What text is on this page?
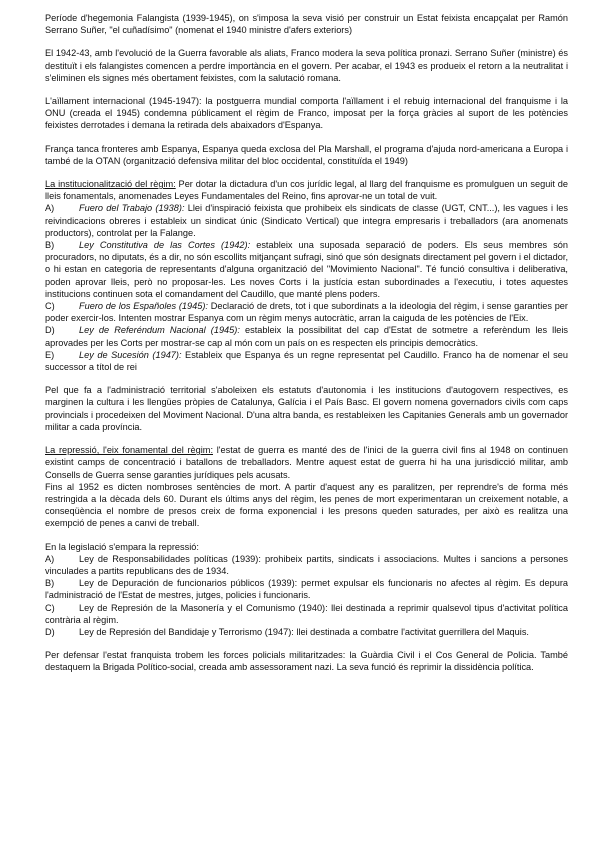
Període d'hegemonia Falangista (1939-1945), on s'imposa la seva visió per construir un Estat feixista encapçalat per Ramón Serrano Suñer, "el cuñadísimo" (nomenat el 1940 ministre d'afers exteriors)

El 1942-43, amb l'evolució de la Guerra favorable als aliats, Franco modera la seva política pronazi. Serrano Suñer (ministre) és destituït i els falangistes comencen a perdre importància en el govern. Per acabar, el 1943 es produeix el retorn a la neutralitat i s'eliminen els signes més obertament feixistes, com la salutació romana.

L'aïllament internacional (1945-1947): la postguerra mundial comporta l'aïllament i el rebuig internacional del franquisme i la ONU (creada el 1945) condemna públicament el règim de Franco, imposat per la força gràcies al suport de les potències feixistes derrotades i demana la retirada dels abaixadors d'Espanya.

França tanca fronteres amb Espanya, Espanya queda exclosa del Pla Marshall, el programa d'ajuda nord-americana a Europa i també de la OTAN (organització defensiva militar del bloc occidental, constituïda el 1949)

La institucionalització del règim: Per dotar la dictadura d'un cos jurídic legal, al llarg del franquisme es promulguen un seguit de lleis fonamentals, anomenades Leyes Fundamentales del Reino, fins aprovar-ne un total de vuit.
A)	Fuero del Trabajo (1938): Llei d'inspiració feixista que prohibeix els sindicats de classe (UGT, CNT...), les vagues i les reivindicacions obreres i estableix un sindicat únic (Sindicato Vertical) que integra empresaris i treballadors (ara anomenats productors), controlat per la Falange.
B)	Ley Constitutiva de las Cortes (1942): estableix una suposada separació de poders. Els seus membres són procuradors, no diputats, és a dir, no són escollits mitjançant sufragi, sinó que són designats directament pel govern i el dictador, o hi estan en categoria de representants d'alguna organització del "Movimiento Nacional". Té funció consultiva i deliberativa, poden aprovar lleis, però no proposar-les. Les noves Corts i la justícia estan subordinades a l'executiu, i totes aquestes institucions continuen sota el comandament del Caudillo, que manté plens poders.
C)	Fuero de los Españoles (1945): Declaració de drets, tot i que subordinats a la ideologia del règim, i sense garanties per poder exercir-los. Intenten mostrar Espanya com un règim menys autocràtic, arran la caiguda de les potències de l'Eix.
D)	Ley de Referéndum Nacional (1945): estableix la possibilitat del cap d'Estat de sotmetre a referèndum les lleis aprovades per les Corts per mostrar-se cap al món com un país on es respecten els principis democràtics.
E)	Ley de Sucesión (1947): Estableix que Espanya és un regne representat pel Caudillo. Franco ha de nomenar el seu successor a títol de rei

Pel que fa a l'administració territorial s'aboleixen els estatuts d'autonomia i les institucions d'autogovern respectives, es marginen la cultura i les llengües pròpies de Catalunya, Galícia i el País Basc. El govern nomena governadors civils com caps provincials i procedeixen del Moviment Nacional. D'una altra banda, es restableixen les Capitanies Generals amb un governador militar a cada província.

La repressió, l'eix fonamental del règim: l'estat de guerra es manté des de l'inici de la guerra civil fins al 1948 on continuen existint camps de concentració i batallons de treballadors. Mentre aquest estat de guerra hi ha una jurisdicció militar, amb Consells de Guerra sense garanties jurídiques pels acusats.
Fins al 1952 es dicten nombroses sentències de mort. A partir d'aquest any es paralitzen, per reprendre's de forma més restringida a la dècada dels 60. Durant els últims anys del règim, les penes de mort experimentaran un creixement notable, a conseqüència el nombre de presos creix de forma exponencial i les presons queden saturades, per això es realitza una exempció de penes a canvi de treball.
En la legislació s'empara la repressió:
A)	Ley de Responsabilidades políticas (1939): prohibeix partits, sindicats i associacions. Multes i sancions a persones vinculades a partits republicans des de 1934.
B)	Ley de Depuración de funcionarios públicos (1939): permet expulsar els funcionaris no afectes al règim. Es depura l'administració de l'Estat de mestres, jutges, policies i funcionaris.
C)	Ley de Represión de la Masonería y el Comunismo (1940): llei destinada a reprimir qualsevol tipus d'activitat política contrària al règim.
D)	Ley de Represión del Bandidaje y Terrorismo (1947): llei destinada a combatre l'activitat guerrillera del Maquis.

Per defensar l'estat franquista trobem les forces policials militaritzades: la Guàrdia Civil i el Cos General de Policia. També destaquem la Brigada Político-social, creada amb assessorament nazi. La seva funció és reprimir la dissidència política.
